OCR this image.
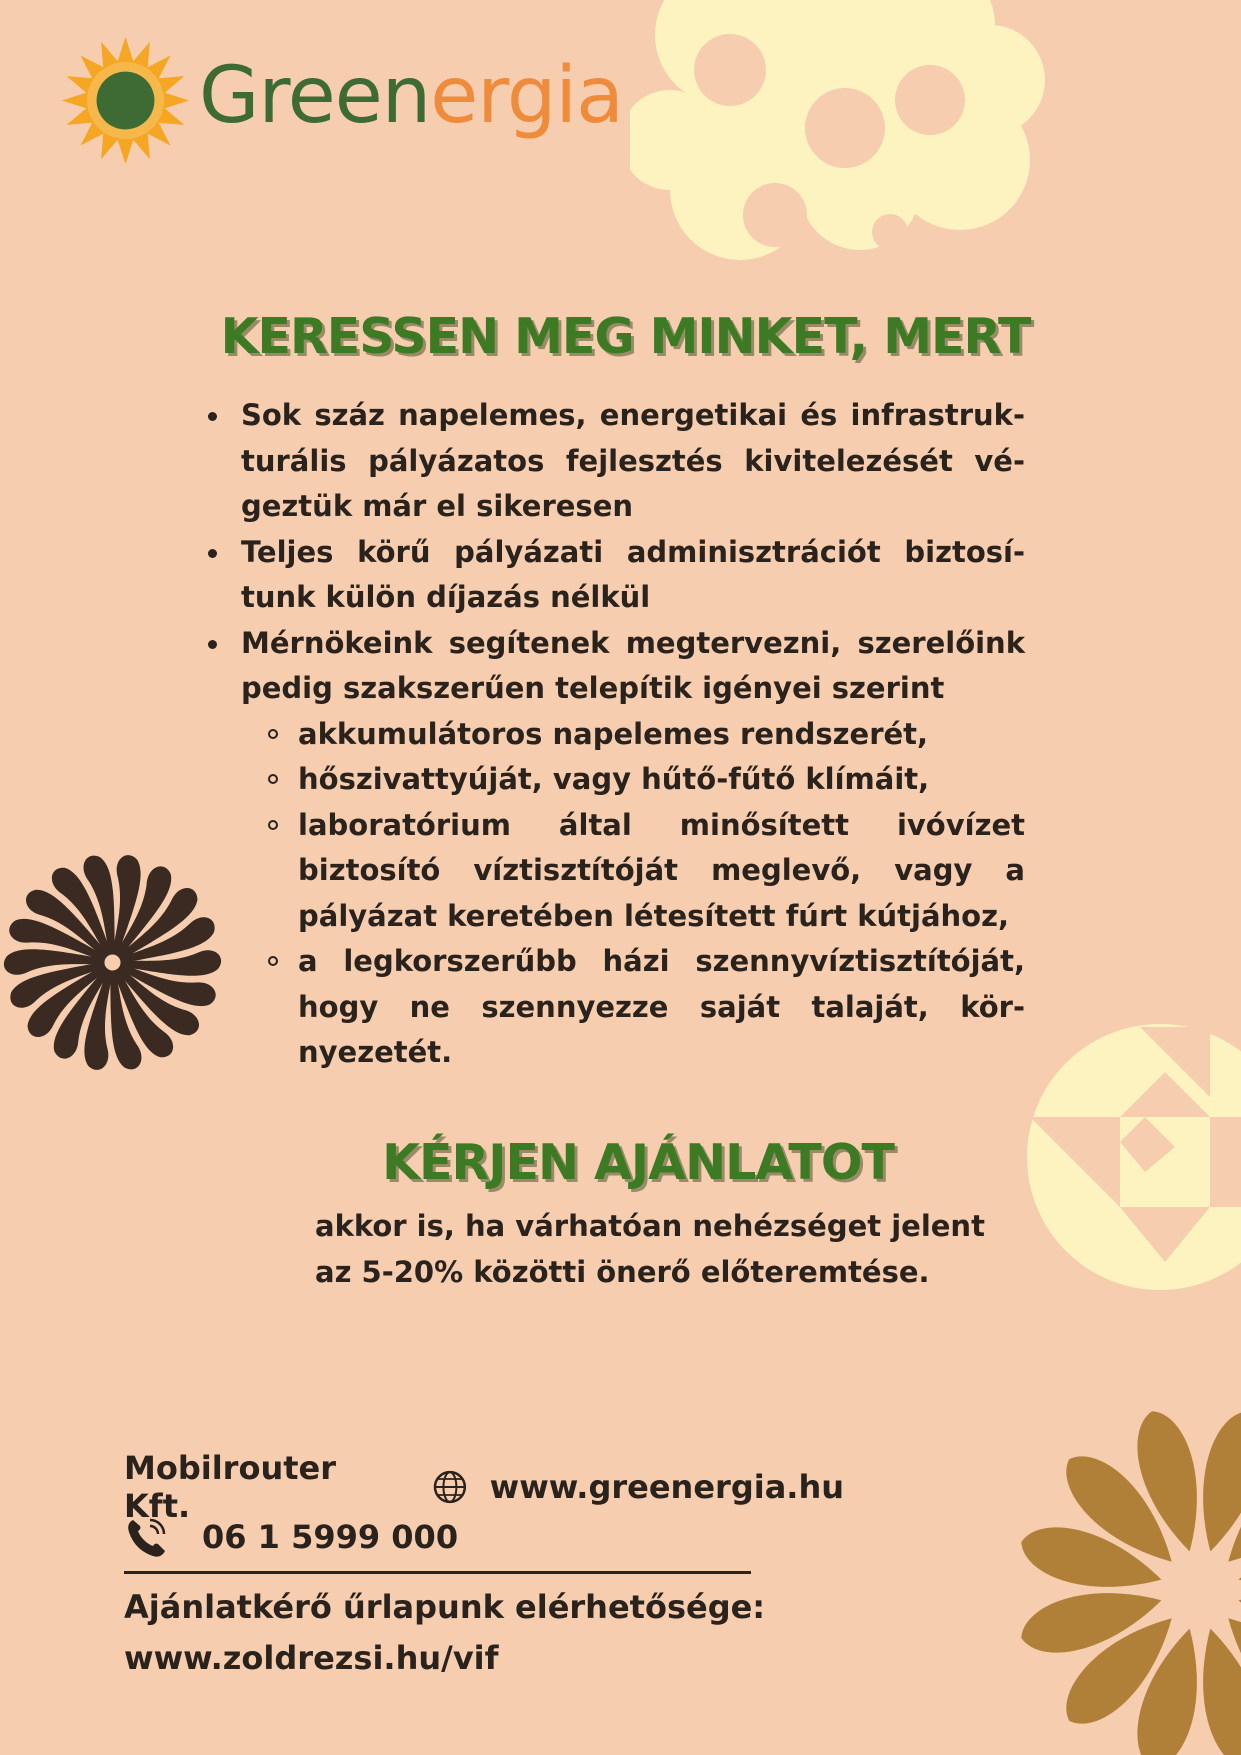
Greenergia
KERESSEN MEG MINKET, MERT
Sok száz napelemes, energetikai és infrastruk-turális pályázatos fejlesztés kivitelezését vé-geztük már el sikeresen
Teljes körű pályázati adminisztrációt biztosí-tunk külön díjazás nélkül
Mérnökeink segítenek megtervezni, szerelőink pedig szakszerűen telepítik igényei szerint
akkumulátoros napelemes rendszerét,
hőszivattyúját, vagy hűtő-fűtő klímáit,
laboratórium által minősített ivóvízet biztosító víztisztítóját meglevő, vagy a pályázat keretében létesített fúrt kútjához,
a legkorszerűbb házi szennyvíztisztítóját, hogy ne szennyezze saját talaját, kör-nyezetét.
KÉRJEN AJÁNLATOT
akkor is, ha várhatóan nehézséget jelent
az 5-20% közötti önerő előteremtése.
Mobilrouter Kft.	www.greenergia.hu
06 1 5999 000
Ajánlatkérő űrlapunk elérhetősége:
www.zoldrezsi.hu/vif
